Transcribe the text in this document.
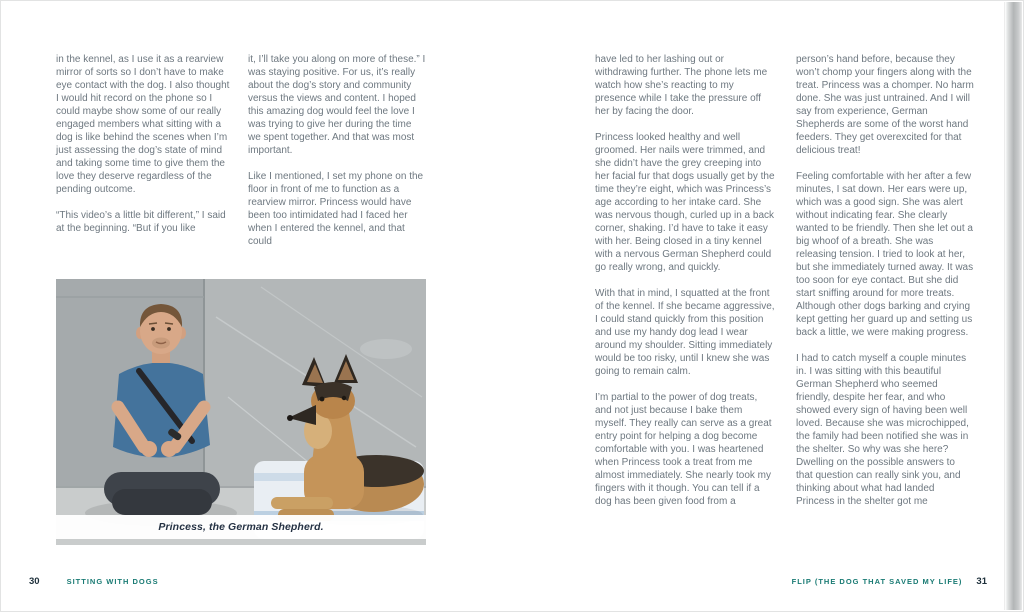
in the kennel, as I use it as a rearview mirror of sorts so I don’t have to make eye contact with the dog. I also thought I would hit record on the phone so I could maybe show some of our really engaged members what sitting with a dog is like behind the scenes when I’m just assessing the dog’s state of mind and taking some time to give them the love they deserve regardless of the pending outcome.

“This video’s a little bit different,” I said at the beginning. “But if you like

it, I’ll take you along on more of these.” I was staying positive. For us, it’s really about the dog’s story and community versus the views and content. I hoped this amazing dog would feel the love I was trying to give her during the time we spent together. And that was most important.

Like I mentioned, I set my phone on the floor in front of me to function as a rearview mirror. Princess would have been too intimidated had I faced her when I entered the kennel, and that could

Princess, the German Shepherd.
30	SITTING WITH DOGS

have led to her lashing out or withdrawing further. The phone lets me watch how she’s reacting to my presence while I take the pressure off her by facing the door.

Princess looked healthy and well groomed. Her nails were trimmed, and she didn’t have the grey creeping into her facial fur that dogs usually get by the time they’re eight, which was Princess’s age according to her intake card. She was nervous though, curled up in a back corner, shaking. I’d have to take it easy with her. Being closed in a tiny kennel with a nervous German Shepherd could go really wrong, and quickly.

With that in mind, I squatted at the front of the kennel. If she became aggressive, I could stand quickly from this position and use my handy dog lead I wear around my shoulder. Sitting immediately would be too risky, until I knew she was going to remain calm.

I’m partial to the power of dog treats, and not just because I bake them myself. They really can serve as a great entry point for helping a dog become comfortable with you. I was heartened when Princess took a treat from me almost immediately. She nearly took my fingers with it though. You can tell if a dog has been given food from a

person’s hand before, because they won’t chomp your fingers along with the treat. Princess was a chomper. No harm done. She was just untrained. And I will say from experience, German Shepherds are some of the worst hand feeders. They get overexcited for that delicious treat!

Feeling comfortable with her after a few minutes, I sat down. Her ears were up, which was a good sign. She was alert without indicating fear. She clearly wanted to be friendly. Then she let out a big whoof of a breath. She was releasing tension. I tried to look at her, but she immediately turned away. It was too soon for eye contact. But she did start sniffing around for more treats. Although other dogs barking and crying kept getting her guard up and setting us back a little, we were making progress.

I had to catch myself a couple minutes in. I was sitting with this beautiful German Shepherd who seemed friendly, despite her fear, and who showed every sign of having been well loved. Because she was microchipped, the family had been notified she was in the shelter. So why was she here? Dwelling on the possible answers to that question can really sink you, and thinking about what had landed Princess in the shelter got me

FLIP (THE DOG THAT SAVED MY LIFE) 31
